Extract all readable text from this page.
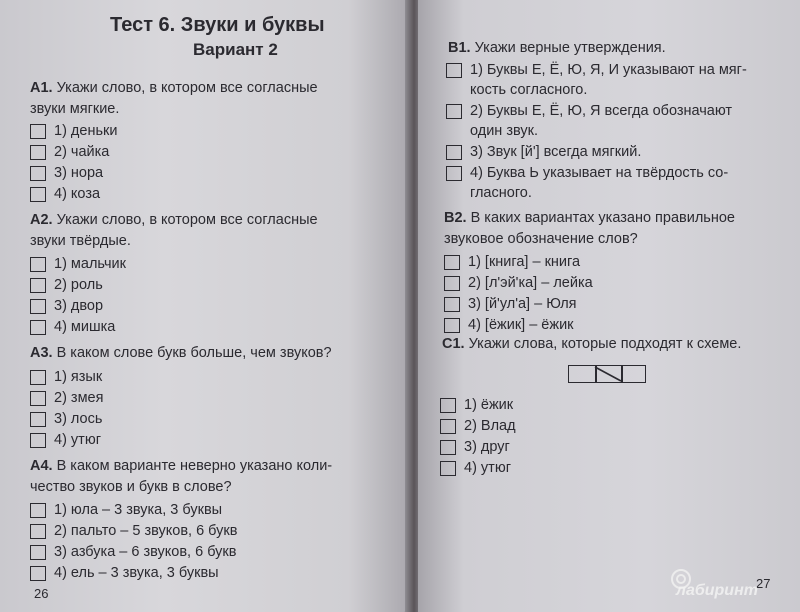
Тест 6. Звуки и буквы
Вариант 2
A1. Укажи слово, в котором все согласные
звуки мягкие.
1) деньки
2) чайка
3) нора
4) коза
A2. Укажи слово, в котором все согласные
звуки твёрдые.
1) мальчик
2) роль
3) двор
4) мишка
A3. В каком слове букв больше, чем звуков?
1) язык
2) змея
3) лось
4) утюг
A4. В каком варианте неверно указано коли-
чество звуков и букв в слове?
1) юла – 3 звука, 3 буквы
2) пальто – 5 звуков, 6 букв
3) азбука – 6 звуков, 6 букв
4) ель – 3 звука, 3 буквы
26
B1. Укажи верные утверждения.
1) Буквы Е, Ё, Ю, Я, И указывают на мяг-
кость согласного.
2) Буквы Е, Ё, Ю, Я всегда обозначают
один звук.
3) Звук [й'] всегда мягкий.
4) Буква Ь указывает на твёрдость со-
гласного.
B2. В каких вариантах указано правильное
звуковое обозначение слов?
1) [книга] – книга
2) [л'эй'ка] – лейка
3) [й'ул'а] – Юля
4) [ёжик] – ёжик
C1. Укажи слова, которые подходят к схеме.
1) ёжик
2) Влад
3) друг
4) утюг
27
лабиринт
